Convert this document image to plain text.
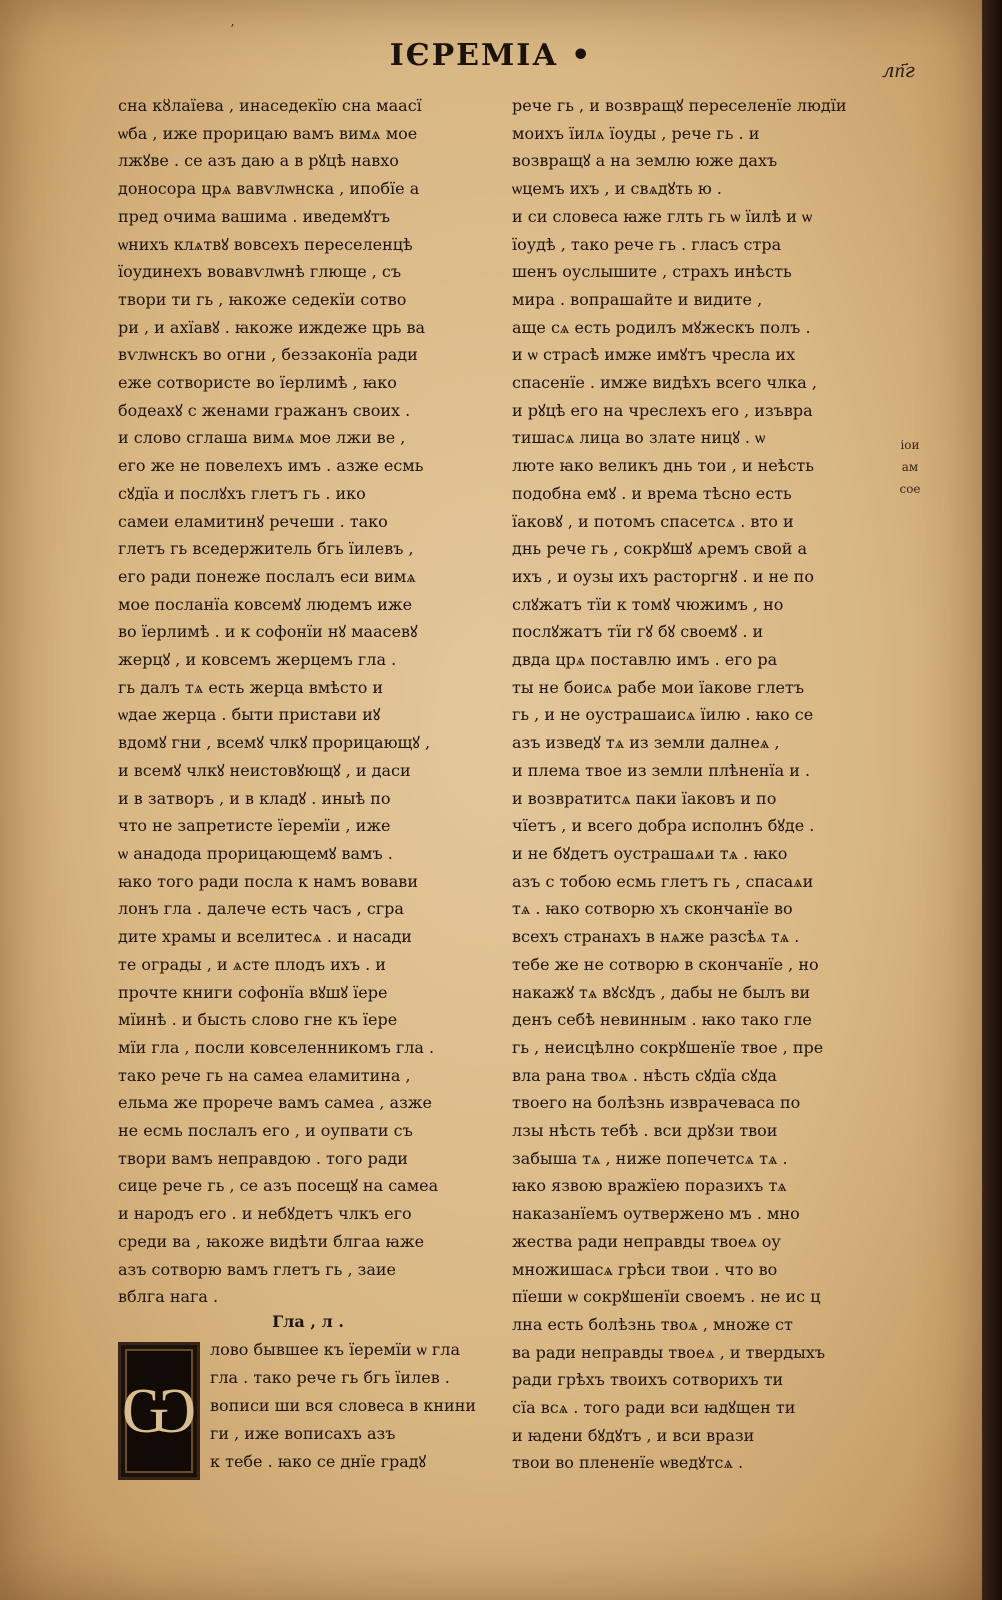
ʼ
ІЄРЕМІА •	лп҃г

сна кȣлаїева , инаседекїю сна маасї

ѡба , иже прорицаю вамъ вимѧ мое

лжꙋве . се азъ даю а в рꙋцѣ навхо

доносора црѧ вавѵлѡнска , ипобїе а

пред очима вашима . иведемꙋтъ

ѡнихъ клѧтвꙋ вовсехъ переселенцѣ

їоудинехъ вовавѵлѡнѣ глюще , съ

твори ти гь , ꙗкоже седекїи сотво

ри , и ахїавꙋ . ꙗкоже иждеже црь ва

вѵлѡнскъ во огни , беззаконїа ради

еже сотвористе во їерлимѣ , ꙗко

бодеахꙋ с женами гражанъ своих .

и слово сглаша вимѧ мое лжи ве ,

его же не повелехъ имъ . азже есмь

сꙋдїа и послꙋхъ глетъ гь . ико

самеи еламитинꙋ речеши . тако

глетъ гь вседержитель бгь їилевъ ,

его ради понеже послалъ еси вимѧ

мое посланїа ковсемꙋ людемъ иже

во їерлимѣ . и к софонїи нꙋ маасевꙋ

жерцꙋ , и ковсемъ жерцемъ гла .

гь далъ тѧ есть жерца вмѣсто и

ѡдае жерца . быти пристави иꙋ

вдомꙋ гни , всемꙋ члкꙋ прорицающꙋ ,

и всемꙋ члкꙋ неистовꙋющꙋ , и даси

и в затворъ , и в кладꙋ . иныѣ по

что не запретисте їеремїи , иже

ѡ анадода прорицающемꙋ вамъ .

ꙗко того ради посла к намъ вовави

лонъ гла . далече есть часъ , сгра

дите храмы и вселитесѧ . и насади

те ограды , и ѧсте плодъ ихъ . и

прочте книги софонїа вꙋшꙋ їере

мїинѣ . и бысть слово гне къ їере

мїи гла , посли ковселенникомъ гла .

тако рече гь на самеа еламитина ,

ельма же прорече вамъ самеа , азже

не есмь послалъ его , и оупвати съ

твори вамъ неправдою . того ради

сице рече гь , се азъ посещꙋ на самеа

и народъ его . и небꙋдетъ члкъ его

среди ва , ꙗкоже видѣти блгаа ꙗже

азъ сотворю вамъ глетъ гь , заие

вблга нага .

Гла , л .

Ѡ

лово бывшее къ їеремїи ѡ гла

гла . тако рече гь бгь їилев .

вописи ши вся словеса в книни

ги , иже вописахъ азъ

к тебе . ꙗко се днїе градꙋ

рече гь , и возвращꙋ переселенїе людїи

моихъ їилѧ їоуды , рече гь . и

возвращꙋ а на землю юже дахъ

ѡцемъ ихъ , и свѧдꙋть ю .

и си словеса ꙗже глть гь ѡ їилѣ и ѡ

їоудѣ , тако рече гь . гласъ стра

шенъ оуслышите , страхъ инѣсть

мира . вопрашайте и видите ,

аще сѧ есть родилъ мꙋжескъ полъ .

и ѡ страсѣ имже имꙋтъ чресла их

спасенїе . имже видѣхъ всего члка ,

и рꙋцѣ его на чреслехъ его , изъвра

тишасѧ лица во злате ницꙋ . ѡ

люте ꙗко великъ днь тои , и неѣсть

подобна емꙋ . и врема тѣсно есть

їаковꙋ , и потомъ спасетсѧ . вто и

днь рече гь , сокрꙋшꙋ ѧремъ свой а

ихъ , и оузы ихъ расторгнꙋ . и не по

слꙋжатъ тїи к томꙋ чюжимъ , но

послꙋжатъ тїи гꙋ бꙋ своемꙋ . и

двда црѧ поставлю имъ . его ра

ты не боисѧ рабе мои їакове глетъ

гь , и не оустрашаисѧ їилю . ꙗко се

азъ изведꙋ тѧ из земли далнеѧ ,

и плема твое из земли плѣненїа и .

и возвратитсѧ паки їаковъ и по

чїетъ , и всего добра исполнъ бꙋде .

и не бꙋдетъ оустрашаѧи тѧ . ꙗко

азъ с тобою есмь глетъ гь , спасаѧи

тѧ . ꙗко сотворю хъ скончанїе во

всехъ странахъ в нѧже разсѣѧ тѧ .

тебе же не сотворю в скончанїе , но

накажꙋ тѧ вꙋсꙋдъ , дабы не былъ ви

денъ себѣ невинным . ꙗко тако гле

гь , неисцѣлно сокрꙋшенїе твое , пре

вла рана твоѧ . нѣсть сꙋдїа сꙋда

твоего на болѣзнь изврачеваса по

лзы нѣсть тебѣ . вси дрꙋзи твои

забыша тѧ , ниже попечетсѧ тѧ .

ꙗко язвою вражїею поразихъ тѧ

наказанїемъ оутвержено мъ . мно

жества ради неправды твоеѧ оу

множишасѧ грѣси твои . что во

пїеши ѡ сокрꙋшенїи своемъ . не ис ц

лна есть болѣзнь твоѧ , множе ст

ва ради неправды твоеѧ , и твердыхъ

ради грѣхъ твоихъ сотворихъ ти

сїа всѧ . того ради вси ꙗдꙋщен ти

и ꙗдени бꙋдꙋтъ , и вси врази

твои во плененїе ѡведꙋтсѧ .

іои
ам
сое
